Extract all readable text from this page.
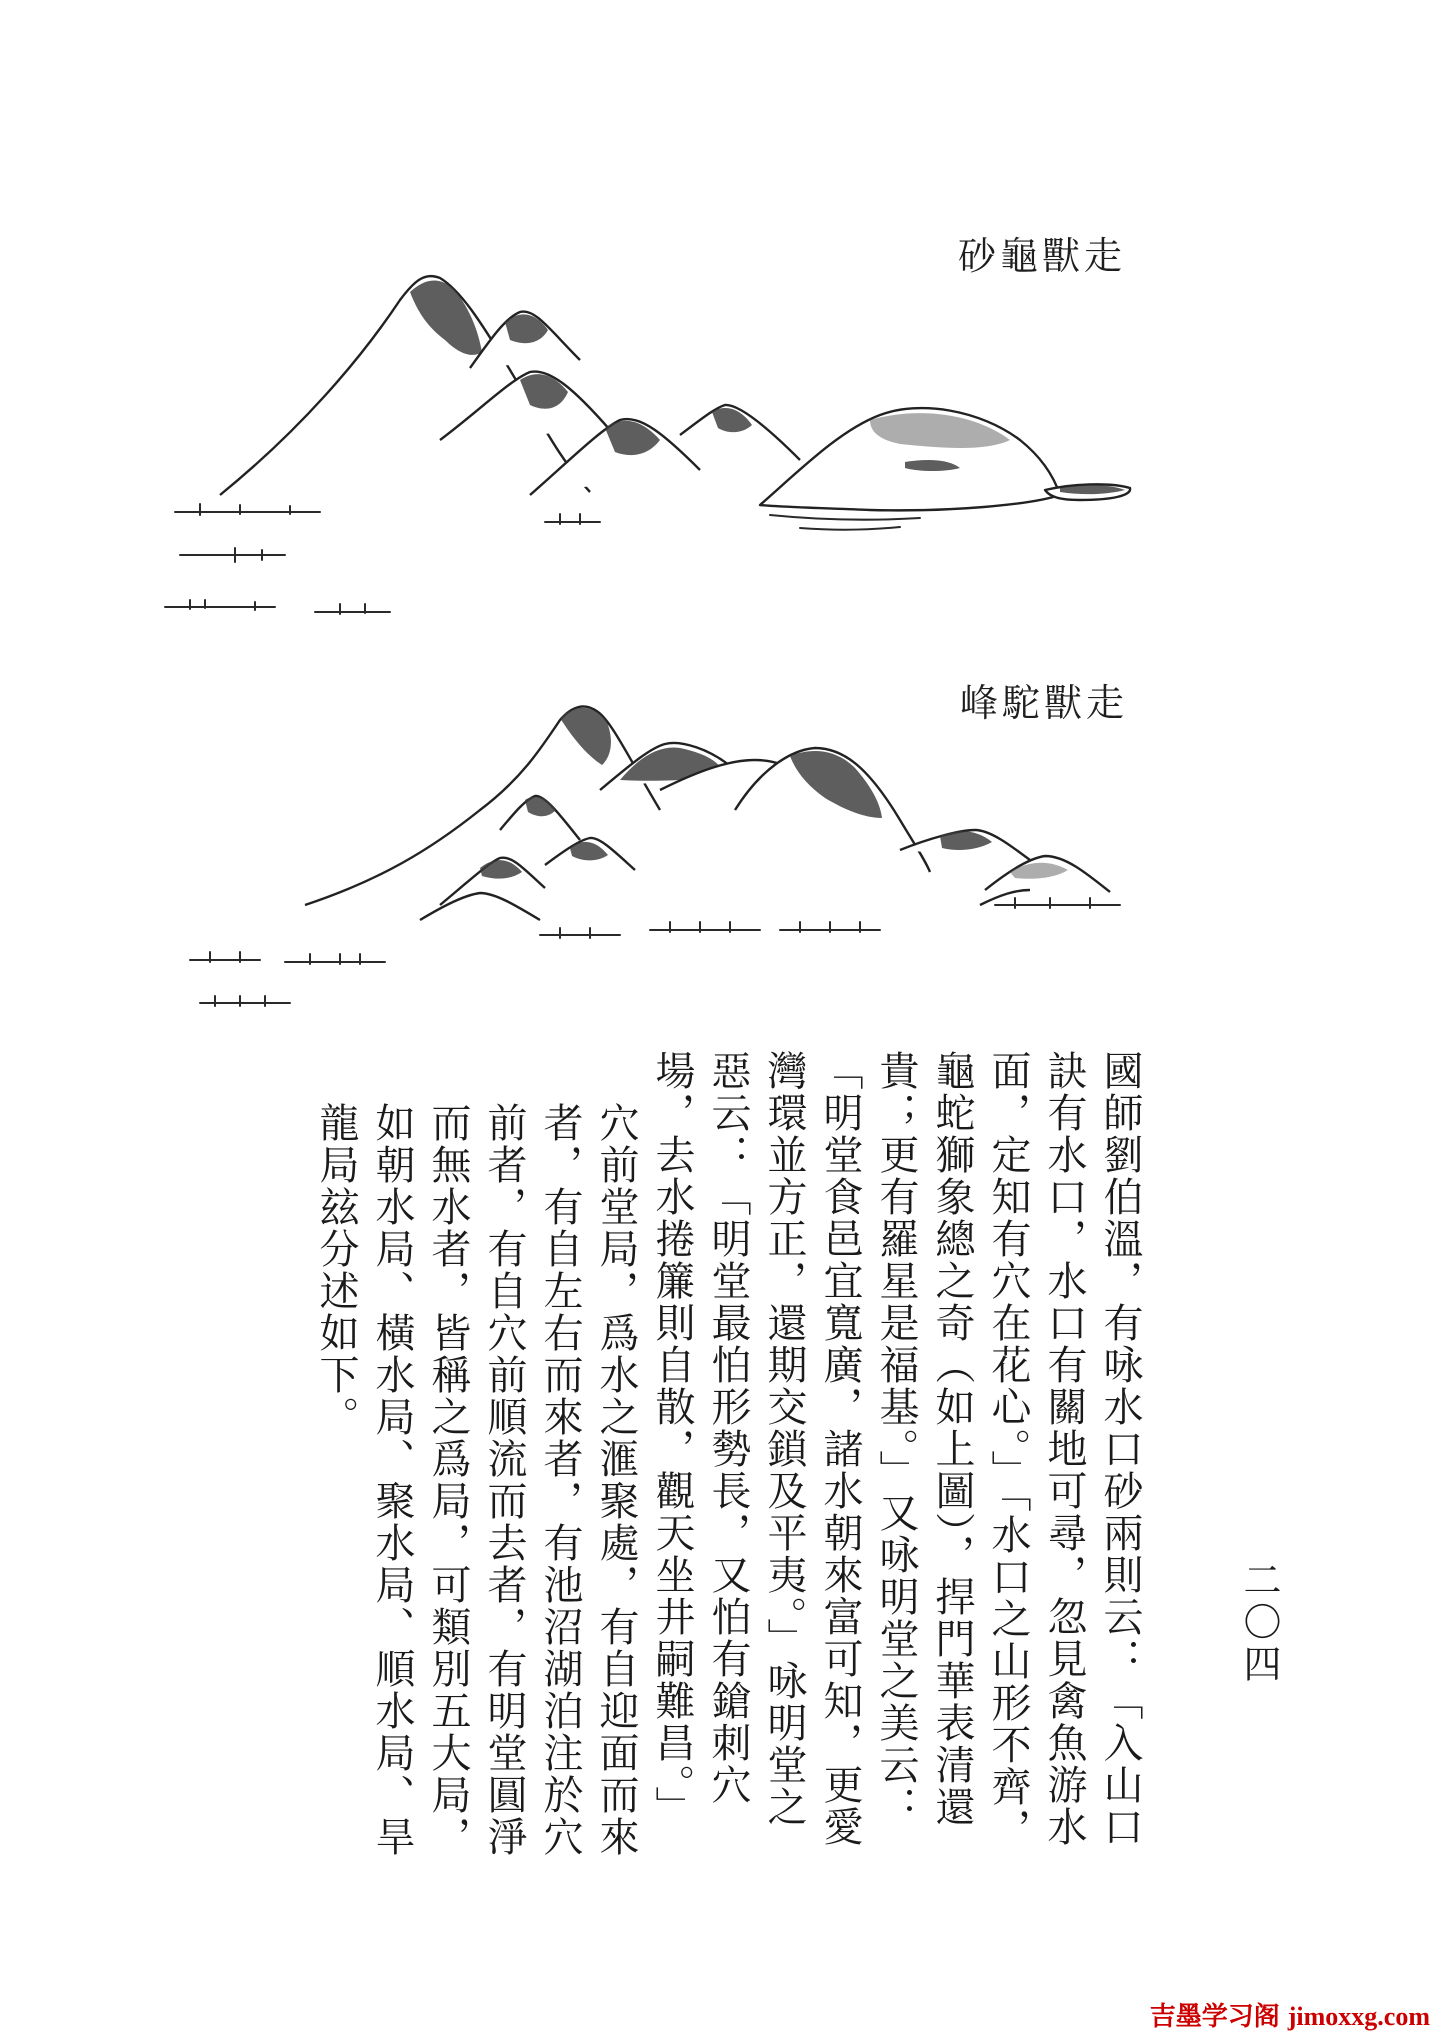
砂龜獸走
峰駝獸走

國師劉伯溫，有咏水口砂兩則云：「入山口訣有水口，水口有關地可尋，忽見禽魚游水面，定知有穴在花心。」「水口之山形不齊，龜蛇獅象總之奇（如上圖），捍門華表清還貴；更有羅星是福基。」又咏明堂之美云：「明堂食邑宜寬廣，諸水朝來富可知，更愛灣環並方正，還期交鎖及平夷。」咏明堂之惡云：「明堂最怕形勢長，又怕有鎗刺穴場，去水捲簾則自散，觀天坐井嗣難昌。」

穴前堂局，爲水之滙聚處，有自迎面而來者，有自左右而來者，有池沼湖泊注於穴前者，有自穴前順流而去者，有明堂圓淨而無水者，皆稱之爲局，可類別五大局，如朝水局、橫水局、聚水局、順水局、旱龍局玆分述如下。

二〇四
吉墨学习阁 jimoxxg.com
